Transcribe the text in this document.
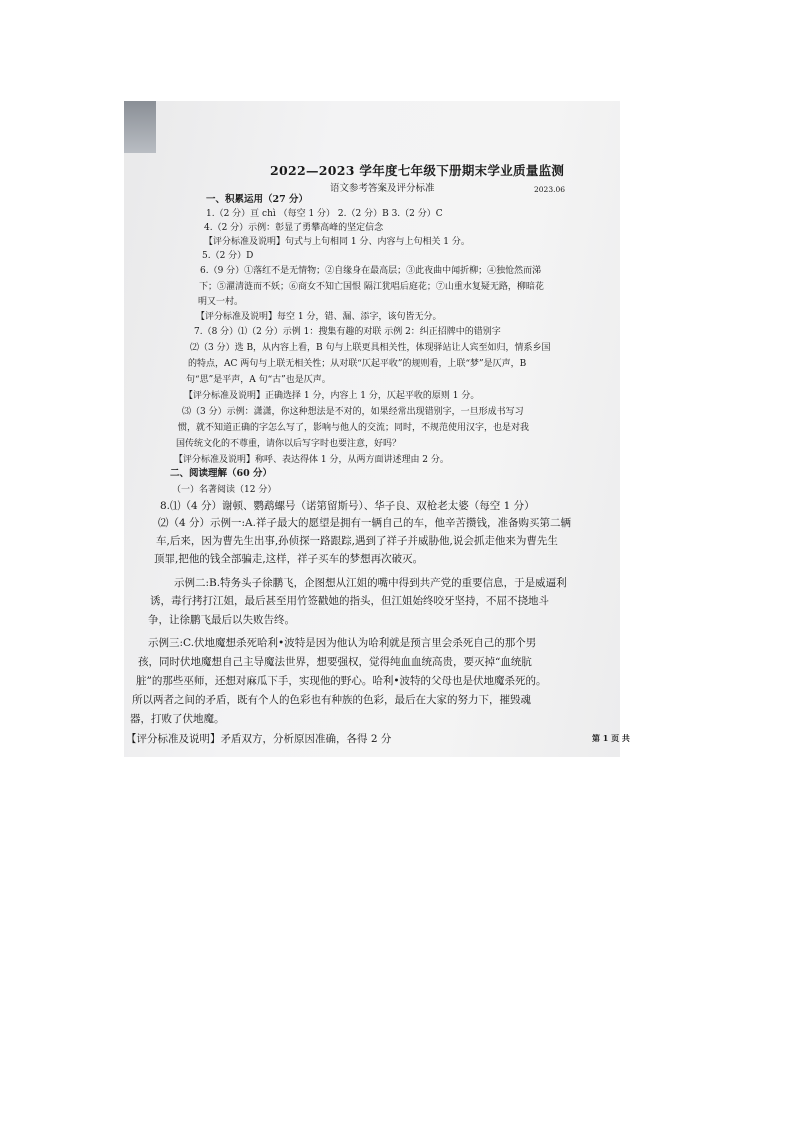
2022—2023 学年度七年级下册期末学业质量监测
语文参考答案及评分标准	2023.06
一、积累运用（27 分）
1.（2 分）亘 chì （每空 1 分） 2.（2 分）B 3.（2 分）C
4.（2 分）示例：彰显了勇攀高峰的坚定信念
【评分标准及说明】句式与上句相同 1 分、内容与上句相关 1 分。
5.（2 分）D
6.（9 分）①落红不是无情物；②自缘身在最高层；③此夜曲中闻折柳；④独怆然而涕
下；⑤濯清涟而不妖；⑥商女不知亡国恨 隔江犹唱后庭花；⑦山重水复疑无路，柳暗花
明又一村。
【评分标准及说明】每空 1 分，错、漏、添字，该句皆无分。
7.（8 分）⑴（2 分）示例 1：搜集有趣的对联 示例 2：纠正招牌中的错别字
⑵（3 分）选 B，从内容上看，B 句与上联更具相关性，体现驿站让人宾至如归，情系乡国
的特点，AC 两句与上联无相关性；从对联“仄起平收”的规则看，上联“梦”是仄声，B
句“思”是平声，A 句“古”也是仄声。
【评分标准及说明】正确选择 1 分，内容上 1 分，仄起平收的原则 1 分。
⑶（3 分）示例：潇潇，你这种想法是不对的，如果经常出现错别字，一旦形成书写习
惯，就不知道正确的字怎么写了，影响与他人的交流；同时，不规范使用汉字，也是对我
国传统文化的不尊重，请你以后写字时也要注意，好吗？
【评分标准及说明】称呼、表达得体 1 分，从两方面讲述理由 2 分。
二、阅读理解（60 分）
（一）名著阅读（12 分）
8.⑴（4 分）谢顿、鹦鹉螺号（诺第留斯号）、华子良、双枪老太婆（每空 1 分）
⑵（4 分）示例一:A.祥子最大的愿望是拥有一辆自己的车，他辛苦攒钱，准备购买第二辆
车,后来，因为曹先生出事,孙侦探一路跟踪,遇到了祥子并威胁他,说会抓走他来为曹先生
顶罪,把他的钱全部骗走,这样，祥子买车的梦想再次破灭。
示例二:B.特务头子徐鹏飞，企图想从江姐的嘴中得到共产党的重要信息，于是威逼利
诱，毒行拷打江姐，最后甚至用竹签戳她的指头，但江姐始终咬牙坚持，不屈不挠地斗
争，让徐鹏飞最后以失败告终。
示例三:C.伏地魔想杀死哈利•波特是因为他认为哈利就是预言里会杀死自己的那个男
孩，同时伏地魔想自己主导魔法世界，想要强权，觉得纯血血统高贵，要灭掉“血统肮
脏”的那些巫师，还想对麻瓜下手，实现他的野心。哈利•波特的父母也是伏地魔杀死的。
所以两者之间的矛盾，既有个人的色彩也有种族的色彩，最后在大家的努力下，摧毁魂
器，打败了伏地魔。
【评分标准及说明】矛盾双方，分析原因准确，各得 2 分	第 1 页 共
